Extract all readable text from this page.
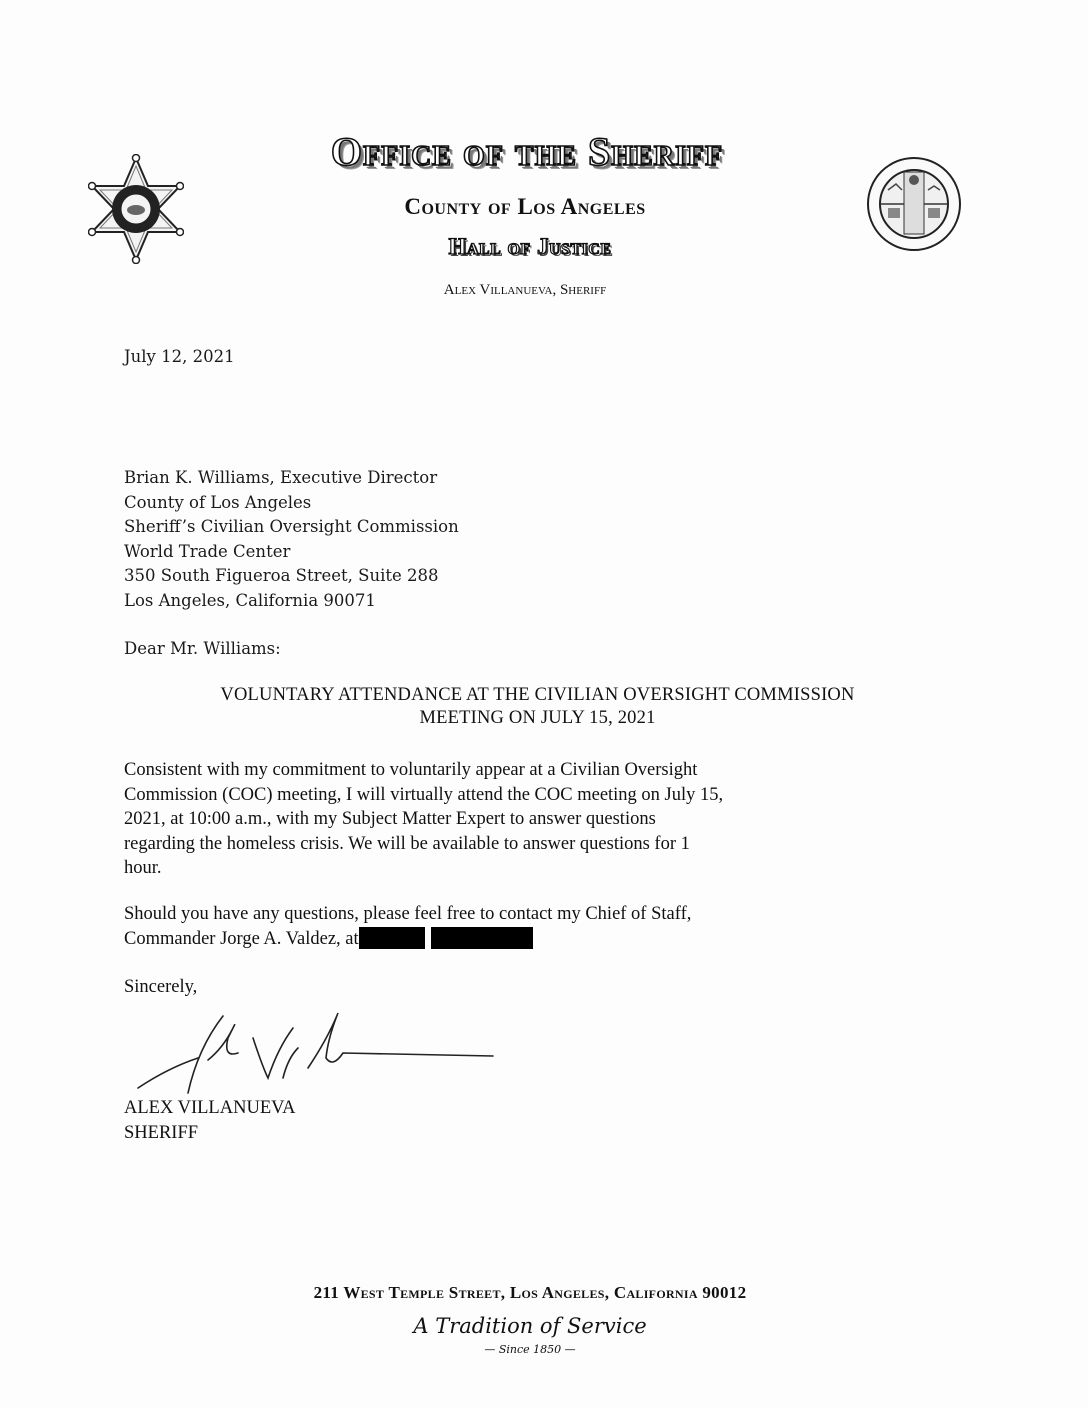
Office of the Sheriff
County of Los Angeles
Hall of Justice
Alex Villanueva, Sheriff
July 12, 2021
Brian K. Williams, Executive Director
County of Los Angeles
Sheriff’s Civilian Oversight Commission
World Trade Center
350 South Figueroa Street, Suite 288
Los Angeles, California 90071
Dear Mr. Williams:
VOLUNTARY ATTENDANCE AT THE CIVILIAN OVERSIGHT COMMISSION
MEETING ON JULY 15, 2021
Consistent with my commitment to voluntarily appear at a Civilian Oversight
Commission (COC) meeting, I will virtually attend the COC meeting on July 15,
2021, at 10:00 a.m., with my Subject Matter Expert to answer questions
regarding the homeless crisis. We will be available to answer questions for 1
hour.
Should you have any questions, please feel free to contact my Chief of Staff,
Commander Jorge A. Valdez, at
Sincerely,
ALEX VILLANUEVA
SHERIFF
211 West Temple Street, Los Angeles, California 90012
A Tradition of Service
— Since 1850 —
